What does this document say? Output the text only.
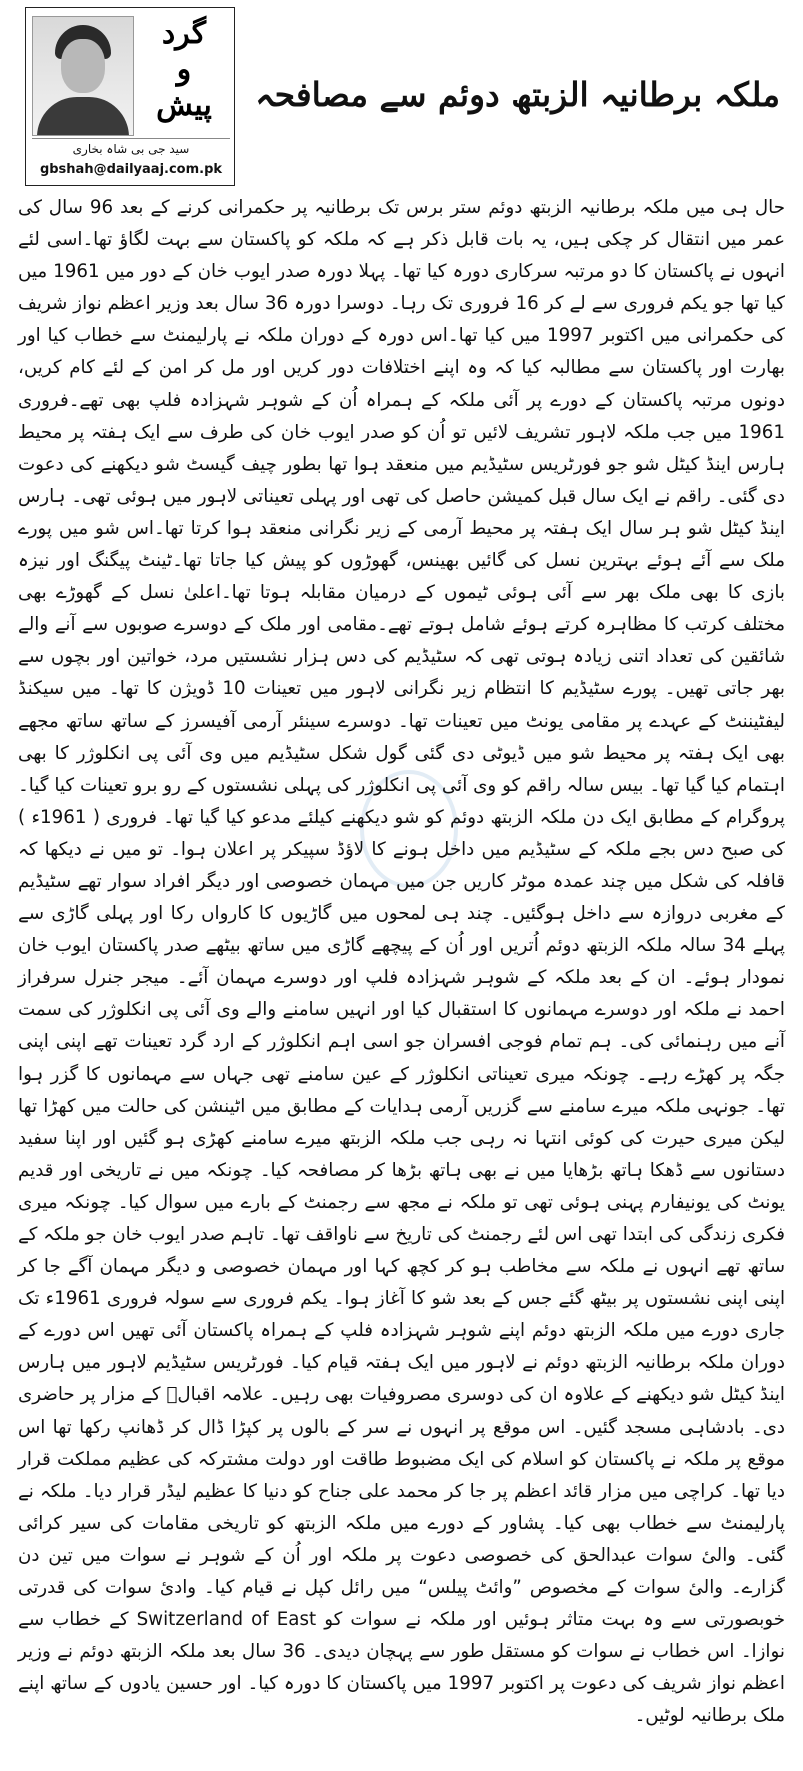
گرد
و
پیش
سید جی بی شاہ بخاری
gbshah@dailyaaj.com.pk
ملکہ برطانیہ الزبتھ دوئم سے مصافحہ

حال ہی میں ملکہ برطانیہ الزبتھ دوئم ستر برس تک برطانیہ پر حکمرانی کرنے کے بعد 96 سال کی عمر میں انتقال کر چکی ہیں، یہ بات قابل ذکر ہے کہ ملکہ کو پاکستان سے بہت لگاؤ تھا۔اسی لئے انہوں نے پاکستان کا دو مرتبہ سرکاری دورہ کیا تھا۔ پہلا دورہ صدر ایوب خان کے دور میں 1961 میں کیا تھا جو یکم فروری سے لے کر 16 فروری تک رہا۔ دوسرا دورہ 36 سال بعد وزیر اعظم نواز شریف کی حکمرانی میں اکتوبر 1997 میں کیا تھا۔اس دورہ کے دوران ملکہ نے پارلیمنٹ سے خطاب کیا اور بھارت اور پاکستان سے مطالبہ کیا کہ وہ اپنے اختلافات دور کریں اور مل کر امن کے لئے کام کریں، دونوں مرتبہ پاکستان کے دورے پر آئی ملکہ کے ہمراہ اُن کے شوہر شہزادہ فلپ بھی تھے۔فروری 1961 میں جب ملکہ لاہور تشریف لائیں تو اُن کو صدر ایوب خان کی طرف سے ایک ہفتہ پر محیط ہارس اینڈ کیٹل شو جو فورٹریس سٹیڈیم میں منعقد ہوا تھا بطور چیف گیسٹ شو دیکھنے کی دعوت دی گئی۔ راقم نے ایک سال قبل کمیشن حاصل کی تھی اور پہلی تعیناتی لاہور میں ہوئی تھی۔ ہارس اینڈ کیٹل شو ہر سال ایک ہفتہ پر محیط آرمی کے زیر نگرانی منعقد ہوا کرتا تھا۔اس شو میں پورے ملک سے آئے ہوئے بہترین نسل کی گائیں بھینس، گھوڑوں کو پیش کیا جاتا تھا۔ٹینٹ پیگنگ اور نیزہ بازی کا بھی ملک بھر سے آئی ہوئی ٹیموں کے درمیان مقابلہ ہوتا تھا۔اعلیٰ نسل کے گھوڑے بھی مختلف کرتب کا مظاہرہ کرتے ہوئے شامل ہوتے تھے۔مقامی اور ملک کے دوسرے صوبوں سے آنے والے شائقین کی تعداد اتنی زیادہ ہوتی تھی کہ سٹیڈیم کی دس ہزار نشستیں مرد، خواتین اور بچوں سے بھر جاتی تھیں۔ پورے سٹیڈیم کا انتظام زیر نگرانی لاہور میں تعینات 10 ڈویژن کا تھا۔ میں سیکنڈ لیفٹیننٹ کے عہدے پر مقامی یونٹ میں تعینات تھا۔ دوسرے سینئر آرمی آفیسرز کے ساتھ ساتھ مجھے بھی ایک ہفتہ پر محیط شو میں ڈیوٹی دی گئی گول شکل سٹیڈیم میں وی آئی پی انکلوژر کا بھی اہتمام کیا گیا تھا۔ بیس سالہ راقم کو وی آئی پی انکلوژر کی پہلی نشستوں کے رو برو تعینات کیا گیا۔ پروگرام کے مطابق ایک دن ملکہ الزبتھ دوئم کو شو دیکھنے کیلئے مدعو کیا گیا تھا۔ فروری ( 1961ء ) کی صبح دس بجے ملکہ کے سٹیڈیم میں داخل ہونے کا لاؤڈ سپیکر پر اعلان ہوا۔ تو میں نے دیکھا کہ قافلہ کی شکل میں چند عمدہ موٹر کاریں جن میں مہمان خصوصی اور دیگر افراد سوار تھے سٹیڈیم کے مغربی دروازہ سے داخل ہوگئیں۔ چند ہی لمحوں میں گاڑیوں کا کارواں رکا اور پہلی گاڑی سے پہلے 34 سالہ ملکہ الزبتھ دوئم اُتریں اور اُن کے پیچھے گاڑی میں ساتھ بیٹھے صدر پاکستان ایوب خان نمودار ہوئے۔ ان کے بعد ملکہ کے شوہر شہزادہ فلپ اور دوسرے مہمان آئے۔ میجر جنرل سرفراز احمد نے ملکہ اور دوسرے مہمانوں کا استقبال کیا اور انہیں سامنے والے وی آئی پی انکلوژر کی سمت آنے میں رہنمائی کی۔ ہم تمام فوجی افسران جو اسی اہم انکلوژر کے ارد گرد تعینات تھے اپنی اپنی جگہ پر کھڑے رہے۔ چونکہ میری تعیناتی انکلوژر کے عین سامنے تھی جہاں سے مہمانوں کا گزر ہوا تھا۔ جونہی ملکہ میرے سامنے سے گزریں آرمی ہدایات کے مطابق میں اٹینشن کی حالت میں کھڑا تھا لیکن میری حیرت کی کوئی انتہا نہ رہی جب ملکہ الزبتھ میرے سامنے کھڑی ہو گئیں اور اپنا سفید دستانوں سے ڈھکا ہاتھ بڑھایا میں نے بھی ہاتھ بڑھا کر مصافحہ کیا۔ چونکہ میں نے تاریخی اور قدیم یونٹ کی یونیفارم پہنی ہوئی تھی تو ملکہ نے مجھ سے رجمنٹ کے بارے میں سوال کیا۔ چونکہ میری فکری زندگی کی ابتدا تھی اس لئے رجمنٹ کی تاریخ سے ناواقف تھا۔ تاہم صدر ایوب خان جو ملکہ کے ساتھ تھے انہوں نے ملکہ سے مخاطب ہو کر کچھ کہا اور مہمان خصوصی و دیگر مہمان آگے جا کر اپنی اپنی نشستوں پر بیٹھ گئے جس کے بعد شو کا آغاز ہوا۔ یکم فروری سے سولہ فروری 1961ء تک جاری دورے میں ملکہ الزبتھ دوئم اپنے شوہر شہزادہ فلپ کے ہمراہ پاکستان آئی تھیں اس دورے کے دوران ملکہ برطانیہ الزبتھ دوئم نے لاہور میں ایک ہفتہ قیام کیا۔ فورٹریس سٹیڈیم لاہور میں ہارس اینڈ کیٹل شو دیکھنے کے علاوہ ان کی دوسری مصروفیات بھی رہیں۔ علامہ اقبالؒ کے مزار پر حاضری دی۔ بادشاہی مسجد گئیں۔ اس موقع پر انہوں نے سر کے بالوں پر کپڑا ڈال کر ڈھانپ رکھا تھا اس موقع پر ملکہ نے پاکستان کو اسلام کی ایک مضبوط طاقت اور دولت مشترکہ کی عظیم مملکت قرار دیا تھا۔ کراچی میں مزار قائد اعظم پر جا کر محمد علی جناح کو دنیا کا عظیم لیڈر قرار دیا۔ ملکہ نے پارلیمنٹ سے خطاب بھی کیا۔ پشاور کے دورے میں ملکہ الزبتھ کو تاریخی مقامات کی سیر کرائی گئی۔ والیٔ سوات عبدالحق کی خصوصی دعوت پر ملکہ اور اُن کے شوہر نے سوات میں تین دن گزارے۔ والیٔ سوات کے مخصوص ”وائٹ پیلس“ میں رائل کپل نے قیام کیا۔ وادیٔ سوات کی قدرتی خوبصورتی سے وہ بہت متاثر ہوئیں اور ملکہ نے سوات کو Switzerland of East کے خطاب سے نوازا۔ اس خطاب نے سوات کو مستقل طور سے پہچان دیدی۔ 36 سال بعد ملکہ الزبتھ دوئم نے وزیر اعظم نواز شریف کی دعوت پر اکتوبر 1997 میں پاکستان کا دورہ کیا۔ اور حسین یادوں کے ساتھ اپنے ملک برطانیہ لوٹیں۔
